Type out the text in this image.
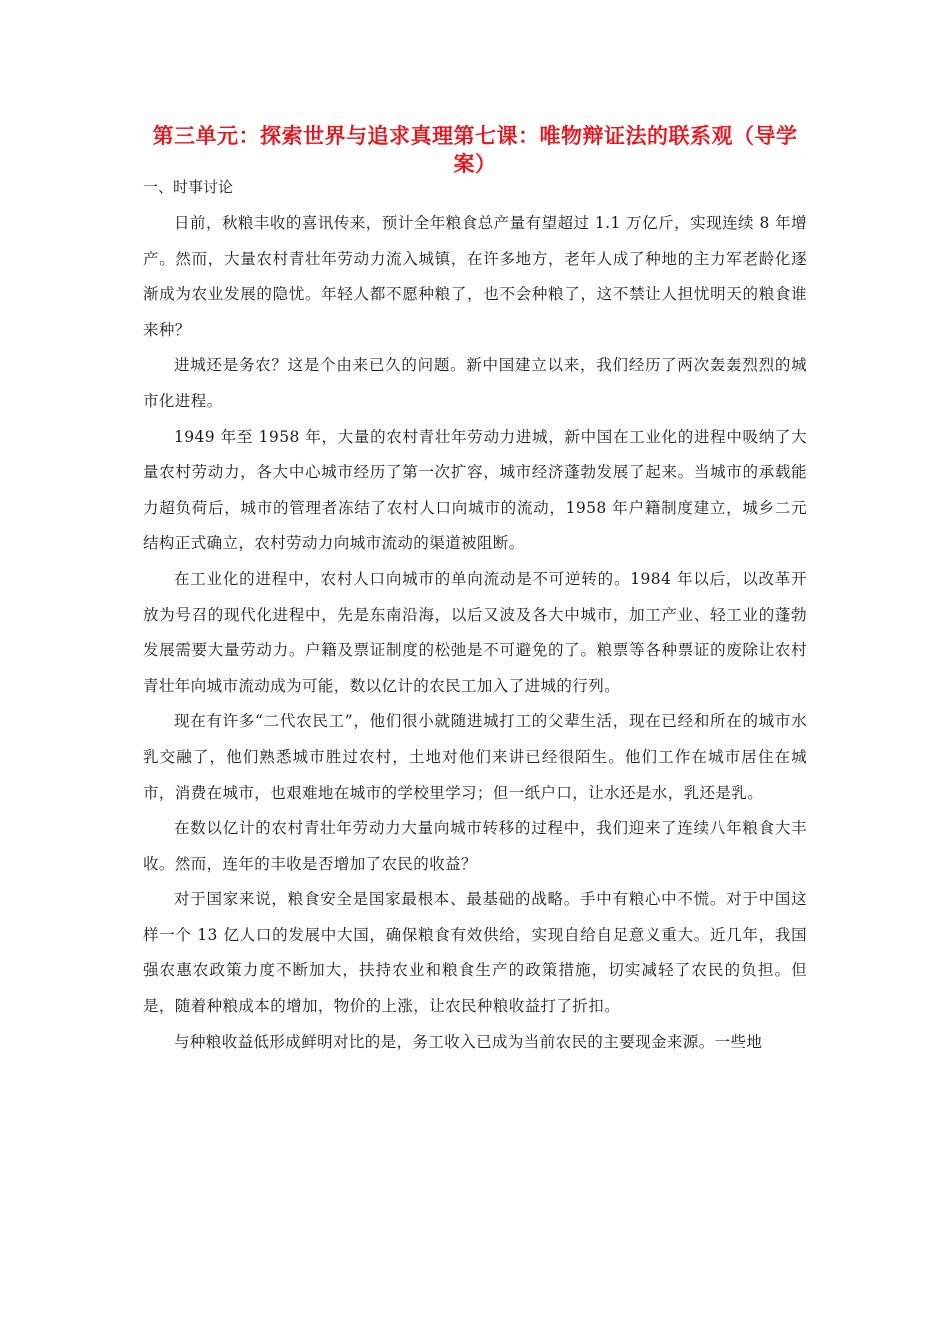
第三单元：探索世界与追求真理第七课：唯物辩证法的联系观（导学案）
一、时事讨论

日前，秋粮丰收的喜讯传来，预计全年粮食总产量有望超过 1.1 万亿斤，实现连续 8 年增产。然而，大量农村青壮年劳动力流入城镇，在许多地方，老年人成了种地的主力军老龄化逐渐成为农业发展的隐忧。年轻人都不愿种粮了，也不会种粮了，这不禁让人担忧明天的粮食谁来种？

进城还是务农？这是个由来已久的问题。新中国建立以来，我们经历了两次轰轰烈烈的城市化进程。

1949 年至 1958 年，大量的农村青壮年劳动力进城，新中国在工业化的进程中吸纳了大量农村劳动力，各大中心城市经历了第一次扩容，城市经济蓬勃发展了起来。当城市的承载能力超负荷后，城市的管理者冻结了农村人口向城市的流动，1958 年户籍制度建立，城乡二元结构正式确立，农村劳动力向城市流动的渠道被阻断。

在工业化的进程中，农村人口向城市的单向流动是不可逆转的。1984 年以后，以改革开放为号召的现代化进程中，先是东南沿海，以后又波及各大中城市，加工产业、轻工业的蓬勃发展需要大量劳动力。户籍及票证制度的松弛是不可避免的了。粮票等各种票证的废除让农村青壮年向城市流动成为可能，数以亿计的农民工加入了进城的行列。

现在有许多“二代农民工”，他们很小就随进城打工的父辈生活，现在已经和所在的城市水乳交融了，他们熟悉城市胜过农村，土地对他们来讲已经很陌生。他们工作在城市居住在城市，消费在城市，也艰难地在城市的学校里学习；但一纸户口，让水还是水，乳还是乳。

在数以亿计的农村青壮年劳动力大量向城市转移的过程中，我们迎来了连续八年粮食大丰收。然而，连年的丰收是否增加了农民的收益？

对于国家来说，粮食安全是国家最根本、最基础的战略。手中有粮心中不慌。对于中国这样一个 13 亿人口的发展中大国，确保粮食有效供给，实现自给自足意义重大。近几年，我国强农惠农政策力度不断加大，扶持农业和粮食生产的政策措施，切实减轻了农民的负担。但是，随着种粮成本的增加，物价的上涨，让农民种粮收益打了折扣。

与种粮收益低形成鲜明对比的是，务工收入已成为当前农民的主要现金来源。一些地
